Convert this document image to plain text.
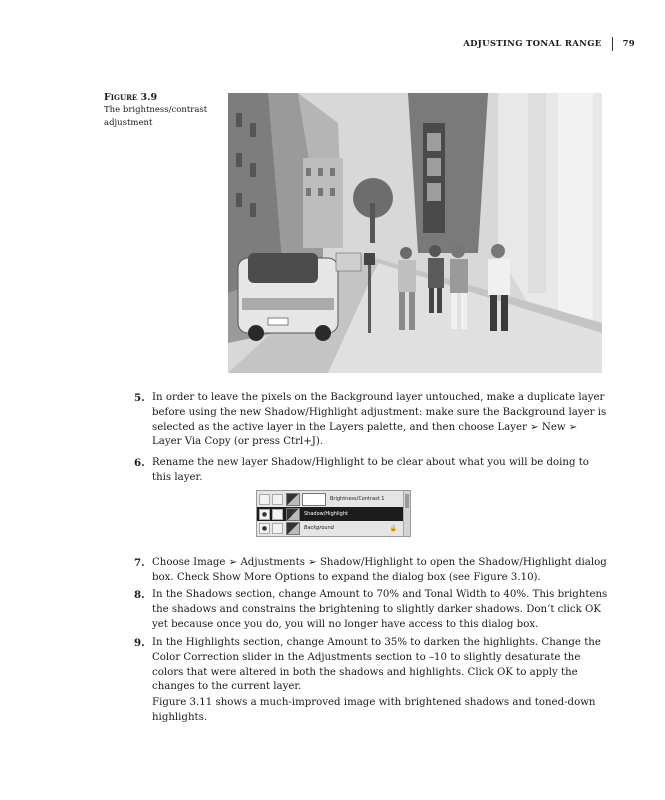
ADJUSTING TONAL RANGE 79
Figure 3.9
The brightness/contrast adjustment

5. In order to leave the pixels on the Background layer untouched, make a duplicate layer before using the new Shadow/Highlight adjustment: make sure the Background layer is selected as the active layer in the Layers palette, and then choose Layer ➢ New ➢ Layer Via Copy (or press Ctrl+J).

6. Rename the new layer Shadow/Highlight to be clear about what you will be doing to this layer.

Brightness/Contrast 1
●	Shadow/Highlight
●	Background	🔒

7. Choose Image ➢ Adjustments ➢ Shadow/Highlight to open the Shadow/Highlight dialog box. Check Show More Options to expand the dialog box (see Figure 3.10).

8. In the Shadows section, change Amount to 70% and Tonal Width to 40%. This brightens the shadows and constrains the brightening to slightly darker shadows. Don’t click OK yet because once you do, you will no longer have access to this dialog box.

9. In the Highlights section, change Amount to 35% to darken the highlights. Change the Color Correction slider in the Adjustments section to –10 to slightly desaturate the colors that were altered in both the shadows and highlights. Click OK to apply the changes to the current layer.

Figure 3.11 shows a much-improved image with brightened shadows and toned-down highlights.
